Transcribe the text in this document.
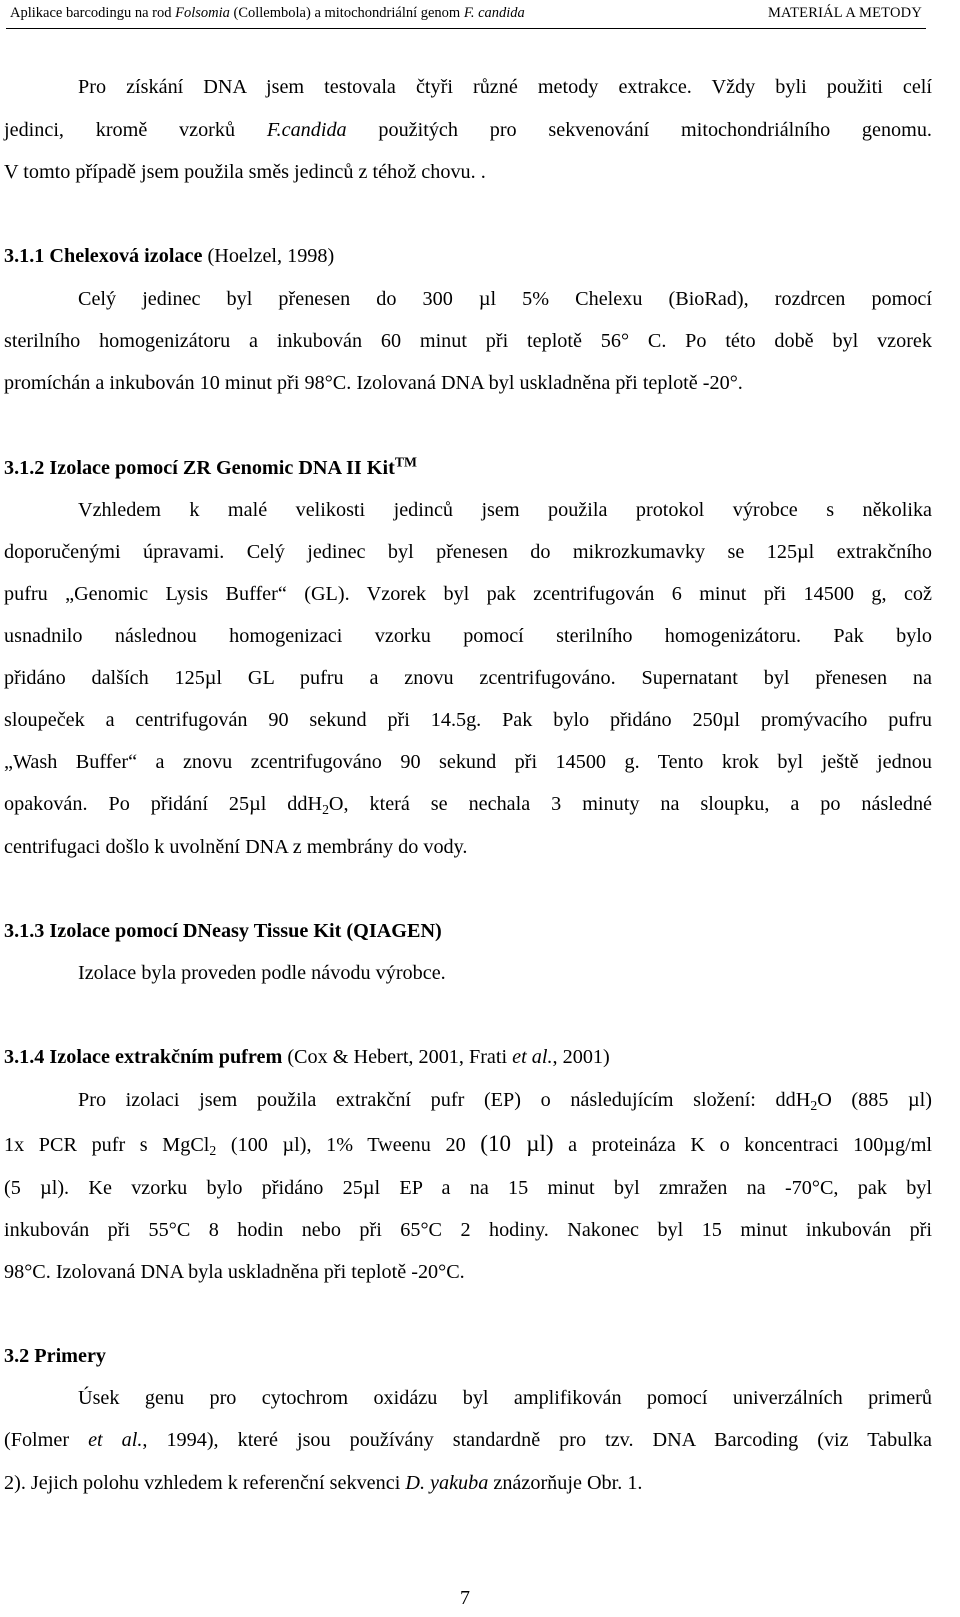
Aplikace barcodingu na rod Folsomia (Collembola) a mitochondriální genom F. candida	MATERIÁL A METODY
Pro získání DNA jsem testovala čtyři různé metody extrakce. Vždy byli použiti celí
jedinci, kromě vzorků F.candida použitých pro sekvenování mitochondriálního genomu.
V tomto případě jsem použila směs jedinců z téhož chovu. .
3.1.1 Chelexová izolace (Hoelzel, 1998)
Celý jedinec byl přenesen do 300 µl 5% Chelexu (BioRad), rozdrcen pomocí
sterilního homogenizátoru a inkubován 60 minut při teplotě 56° C. Po této době byl vzorek
promíchán a inkubován 10 minut při 98°C. Izolovaná DNA byl uskladněna při teplotě -20°.
3.1.2 Izolace pomocí ZR Genomic DNA II Kit™
Vzhledem k malé velikosti jedinců jsem použila protokol výrobce s několika
doporučenými úpravami. Celý jedinec byl přenesen do mikrozkumavky se 125µl extrakčního
pufru „Genomic Lysis Buffer“ (GL). Vzorek byl pak zcentrifugován 6 minut při 14500 g, což
usnadnilo následnou homogenizaci vzorku pomocí sterilního homogenizátoru. Pak bylo
přidáno dalších 125µl GL pufru a znovu zcentrifugováno. Supernatant byl přenesen na
sloupeček a centrifugován 90 sekund při 14.5g. Pak bylo přidáno 250µl promývacího pufru
„Wash Buffer“ a znovu zcentrifugováno 90 sekund při 14500 g. Tento krok byl ještě jednou
opakován. Po přidání 25µl ddH$_2$O, která se nechala 3 minuty na sloupku, a po následné
centrifugaci došlo k uvolnění DNA z membrány do vody.
3.1.3 Izolace pomocí DNeasy Tissue Kit (QIAGEN)
Izolace byla proveden podle návodu výrobce.
3.1.4 Izolace extrakčním pufrem (Cox & Hebert, 2001, Frati et al., 2001)
Pro izolaci jsem použila extrakční pufr (EP) o následujícím složení: ddH$_2$O (885 µl)
1x PCR pufr s MgCl$_2$ (100 µl), 1% Tweenu 20 (10 µl) a proteináza K o koncentraci 100µg/ml
(5 µl). Ke vzorku bylo přidáno 25µl EP a na 15 minut byl zmražen na -70°C, pak byl
inkubován při 55°C 8 hodin nebo při 65°C 2 hodiny. Nakonec byl 15 minut inkubován při
98°C. Izolovaná DNA byla uskladněna při teplotě -20°C.
3.2 Primery
Úsek genu pro cytochrom oxidázu byl amplifikován pomocí univerzálních primerů
(Folmer et al., 1994), které jsou používány standardně pro tzv. DNA Barcoding (viz Tabulka
2). Jejich polohu vzhledem k referenční sekvenci D. yakuba znázorňuje Obr. 1.
7
